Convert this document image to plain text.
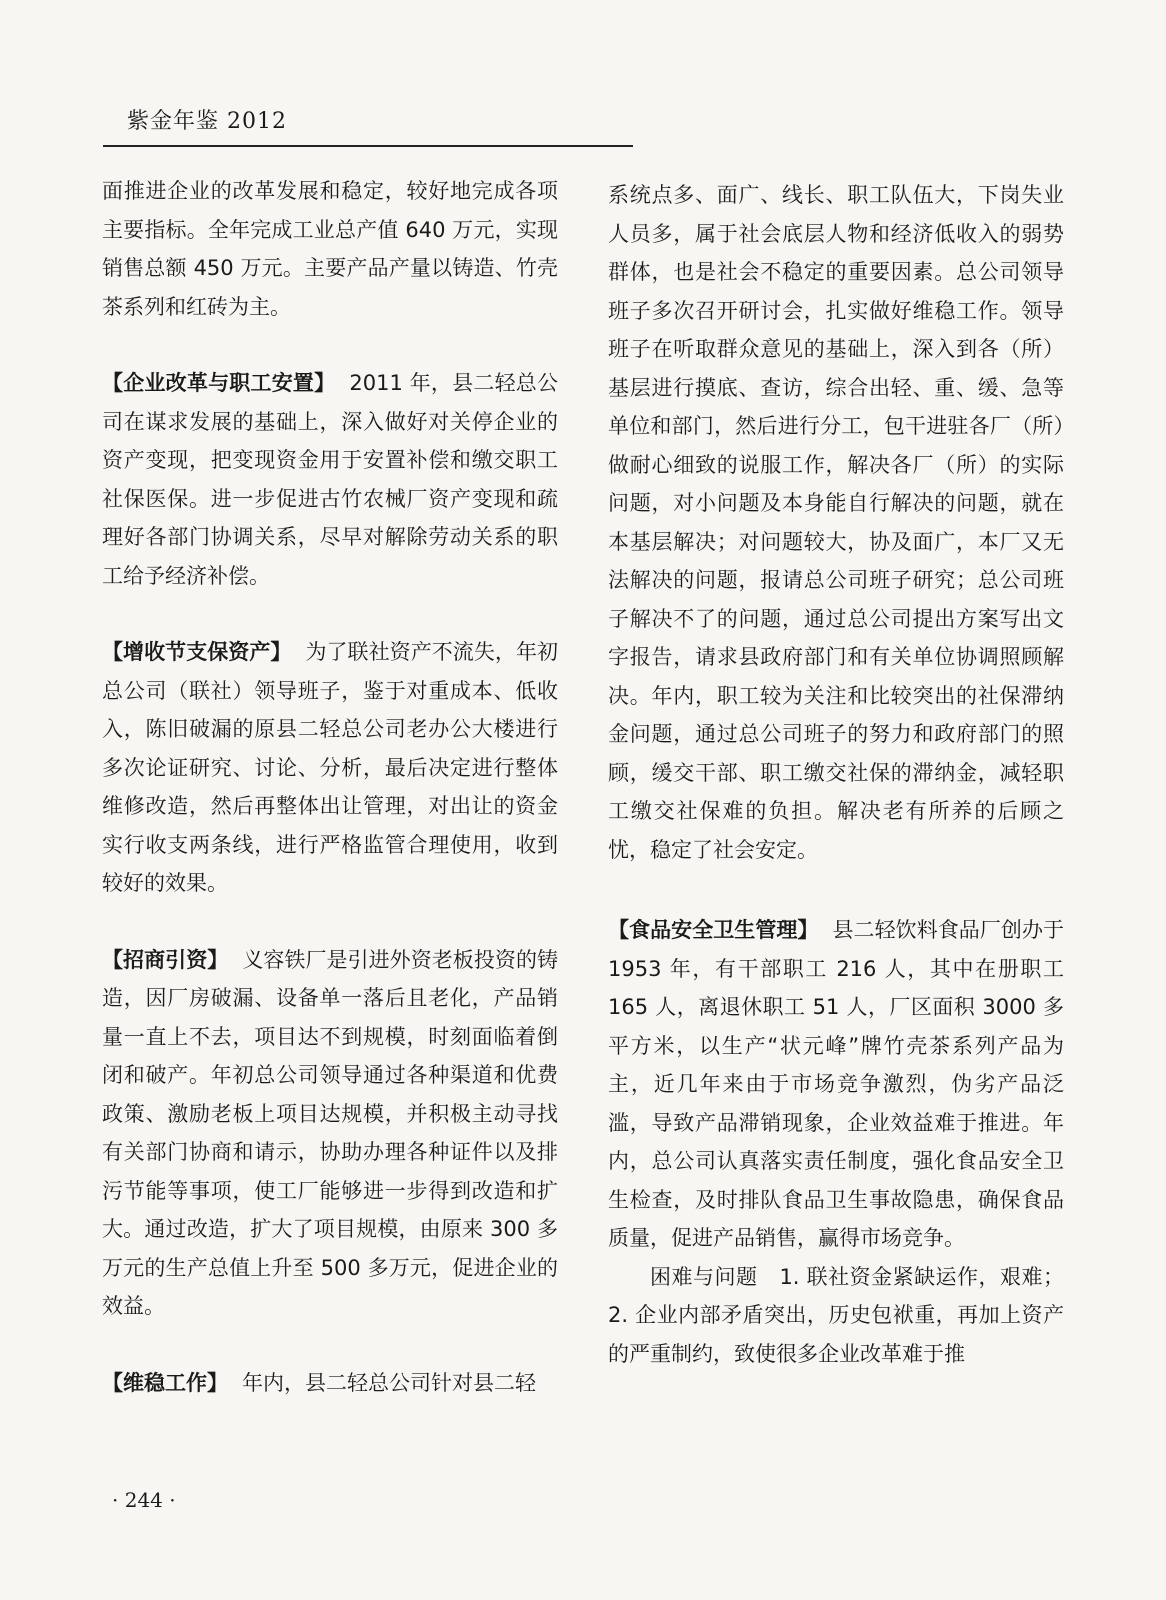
紫金年鉴 2012

面推进企业的改革发展和稳定，较好地完成各项主要指标。全年完成工业总产值 640 万元，实现销售总额 450 万元。主要产品产量以铸造、竹壳茶系列和红砖为主。

【企业改革与职工安置】 2011 年，县二轻总公司在谋求发展的基础上，深入做好对关停企业的资产变现，把变现资金用于安置补偿和缴交职工社保医保。进一步促进古竹农械厂资产变现和疏理好各部门协调关系，尽早对解除劳动关系的职工给予经济补偿。

【增收节支保资产】 为了联社资产不流失，年初总公司（联社）领导班子，鉴于对重成本、低收入，陈旧破漏的原县二轻总公司老办公大楼进行多次论证研究、讨论、分析，最后决定进行整体维修改造，然后再整体出让管理，对出让的资金实行收支两条线，进行严格监管合理使用，收到较好的效果。

【招商引资】 义容铁厂是引进外资老板投资的铸造，因厂房破漏、设备单一落后且老化，产品销量一直上不去，项目达不到规模，时刻面临着倒闭和破产。年初总公司领导通过各种渠道和优费政策、激励老板上项目达规模，并积极主动寻找有关部门协商和请示，协助办理各种证件以及排污节能等事项，使工厂能够进一步得到改造和扩大。通过改造，扩大了项目规模，由原来 300 多万元的生产总值上升至 500 多万元，促进企业的效益。

【维稳工作】 年内，县二轻总公司针对县二轻

系统点多、面广、线长、职工队伍大，下岗失业人员多，属于社会底层人物和经济低收入的弱势群体，也是社会不稳定的重要因素。总公司领导班子多次召开研讨会，扎实做好维稳工作。领导班子在听取群众意见的基础上，深入到各（所）基层进行摸底、查访，综合出轻、重、缓、急等单位和部门，然后进行分工，包干进驻各厂（所）做耐心细致的说服工作，解决各厂（所）的实际问题，对小问题及本身能自行解决的问题，就在本基层解决；对问题较大，协及面广，本厂又无法解决的问题，报请总公司班子研究；总公司班子解决不了的问题，通过总公司提出方案写出文字报告，请求县政府部门和有关单位协调照顾解决。年内，职工较为关注和比较突出的社保滞纳金问题，通过总公司班子的努力和政府部门的照顾，缓交干部、职工缴交社保的滞纳金，减轻职工缴交社保难的负担。解决老有所养的后顾之忧，稳定了社会安定。

【食品安全卫生管理】 县二轻饮料食品厂创办于 1953 年，有干部职工 216 人，其中在册职工 165 人，离退休职工 51 人，厂区面积 3000 多平方米，以生产“状元峰”牌竹壳茶系列产品为主，近几年来由于市场竞争激烈，伪劣产品泛滥，导致产品滞销现象，企业效益难于推进。年内，总公司认真落实责任制度，强化食品安全卫生检查，及时排队食品卫生事故隐患，确保食品质量，促进产品销售，赢得市场竞争。

困难与问题 1. 联社资金紧缺运作，艰难；2. 企业内部矛盾突出，历史包袱重，再加上资产的严重制约，致使很多企业改革难于推

· 244 ·
